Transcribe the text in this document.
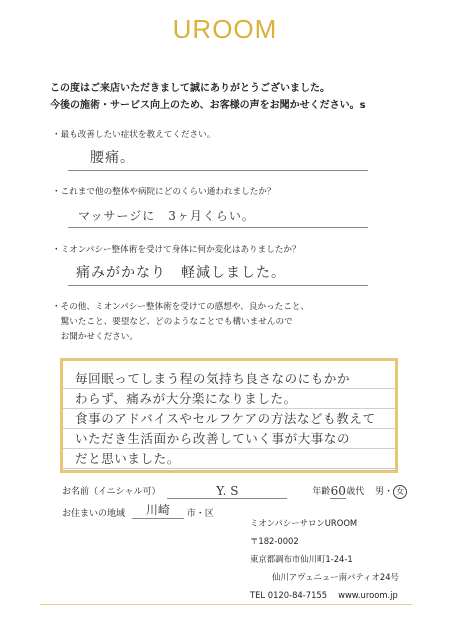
UROOM
この度はご来店いただきまして誠にありがとうございました。
今後の施術・サービス向上のため、お客様の声をお聞かせください。s
・最も改善したい症状を教えてください。
腰痛。
・これまで他の整体や病院にどのくらい通われましたか？
マッサージに　3ヶ月くらい。
・ミオンパシー整体術を受けて身体に何か変化はありましたか？
痛みがかなり　軽減しました。
・その他、ミオンパシー整体術を受けての感想や、良かったこと、
　驚いたこと、要望など、どのようなことでも構いませんので
　お聞かせください。
毎回眠ってしまう程の気持ち良さなのにもかか
わらず、痛みが大分楽になりました。
食事のアドバイスやセルフケアの方法なども教えて
いただき生活面から改善していく事が大事なの
だと思いました。
お名前（イニシャル可）	Y. S	年齢60歳代 男・ 女
お住まいの地域 川崎 市・区
ミオンパシーサロンUROOM
〒182-0002
東京都調布市仙川町1-24-1
仙川アヴェニュー南パティオ24号
TEL 0120-84-7155　 www.uroom.jp
